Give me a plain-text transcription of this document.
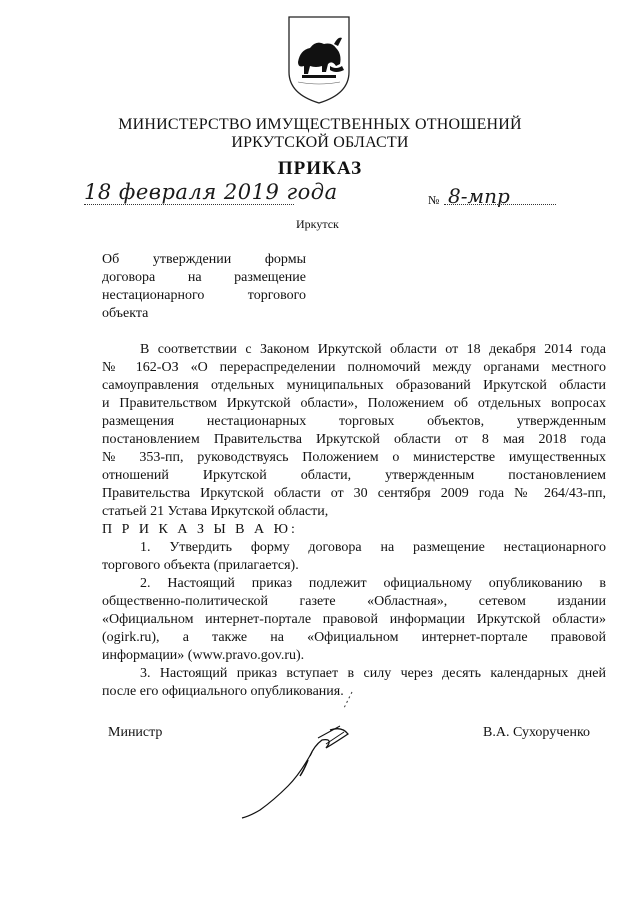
МИНИСТЕРСТВО ИМУЩЕСТВЕННЫХ ОТНОШЕНИЙ
ИРКУТСКОЙ ОБЛАСТИ
ПРИКАЗ
18 февраля 2019 года	№ 8-мпр
Иркутск
Об утверждении формы
договора на размещение
нестационарного торгового
объекта
В соответствии с Законом Иркутской области от 18 декабря 2014 года
№ 162-ОЗ «О перераспределении полномочий между органами местного
самоуправления отдельных муниципальных образований Иркутской области
и Правительством Иркутской области», Положением об отдельных вопросах
размещения нестационарных торговых объектов, утвержденным
постановлением Правительства Иркутской области от 8 мая 2018 года
№ 353-пп, руководствуясь Положением о министерстве имущественных
отношений Иркутской области, утвержденным постановлением
Правительства Иркутской области от 30 сентября 2009 года № 264/43-пп,
статьей 21 Устава Иркутской области,
П Р И К А З Ы В А Ю:
1. Утвердить форму договора на размещение нестационарного
торгового объекта (прилагается).
2. Настоящий приказ подлежит официальному опубликованию в
общественно-политической газете «Областная», сетевом издании
«Официальном интернет-портале правовой информации Иркутской области»
(ogirk.ru), а также на «Официальном интернет-портале правовой
информации» (www.pravo.gov.ru).
3. Настоящий приказ вступает в силу через десять календарных дней
после его официального опубликования.
Министр	В.А. Сухорученко
